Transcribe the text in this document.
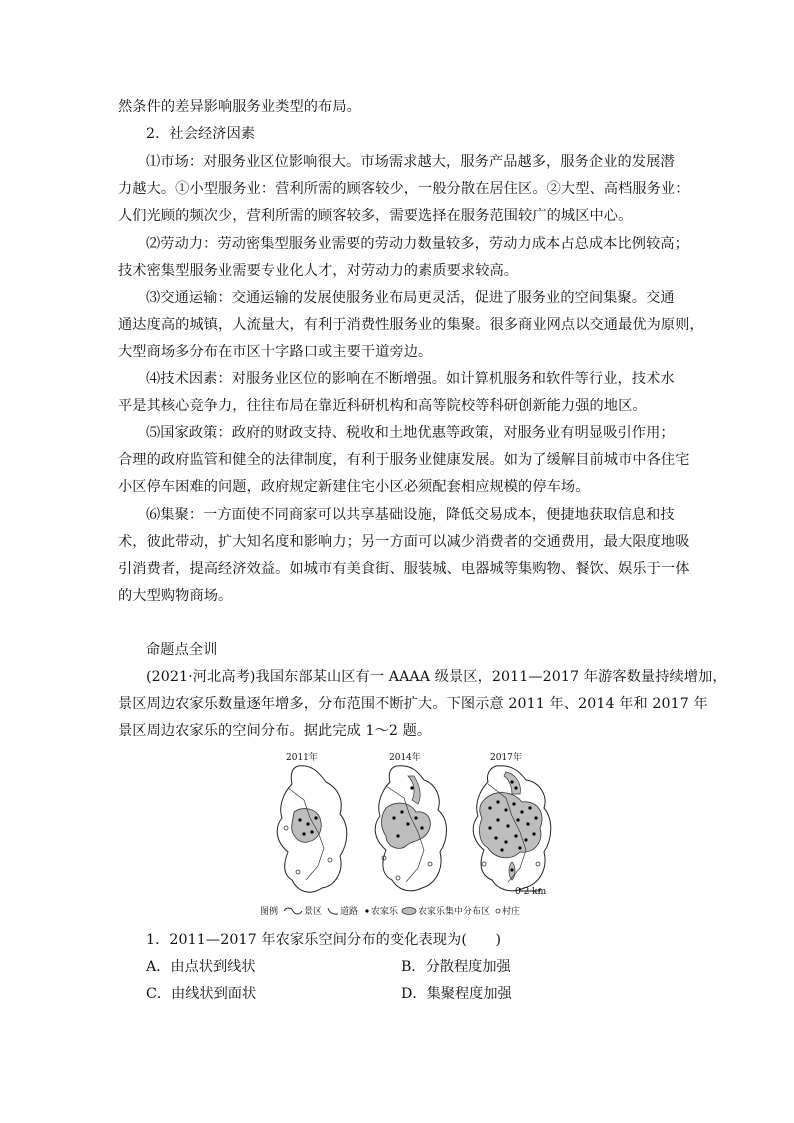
然条件的差异影响服务业类型的布局。
2．社会经济因素
⑴市场：对服务业区位影响很大。市场需求越大，服务产品越多，服务企业的发展潜
力越大。①小型服务业：营利所需的顾客较少，一般分散在居住区。②大型、高档服务业：
人们光顾的频次少，营利所需的顾客较多，需要选择在服务范围较广的城区中心。
⑵劳动力：劳动密集型服务业需要的劳动力数量较多，劳动力成本占总成本比例较高；
技术密集型服务业需要专业化人才，对劳动力的素质要求较高。
⑶交通运输：交通运输的发展使服务业布局更灵活，促进了服务业的空间集聚。交通
通达度高的城镇，人流量大，有利于消费性服务业的集聚。很多商业网点以交通最优为原则，
大型商场多分布在市区十字路口或主要干道旁边。
⑷技术因素：对服务业区位的影响在不断增强。如计算机服务和软件等行业，技术水
平是其核心竞争力，往往布局在靠近科研机构和高等院校等科研创新能力强的地区。
⑸国家政策：政府的财政支持、税收和土地优惠等政策，对服务业有明显吸引作用；
合理的政府监管和健全的法律制度，有利于服务业健康发展。如为了缓解目前城市中各住宅
小区停车困难的问题，政府规定新建住宅小区必须配套相应规模的停车场。
⑹集聚：一方面使不同商家可以共享基础设施，降低交易成本，便捷地获取信息和技
术，彼此带动，扩大知名度和影响力；另一方面可以减少消费者的交通费用，最大限度地吸
引消费者，提高经济效益。如城市有美食街、服装城、电器城等集购物、餐饮、娱乐于一体
的大型购物商场。
命题点全训
(2021·河北高考)我国东部某山区有一 AAAA 级景区，2011—2017 年游客数量持续增加，
景区周边农家乐数量逐年增多，分布范围不断扩大。下图示意 2011 年、2014 年和 2017 年
景区周边农家乐的空间分布。据此完成 1～2 题。
2011年	2014年	2017年
0 2 km
图例	景区 道路 农家乐 农家乐集中分布区 村庄
1．2011—2017 年农家乐空间分布的变化表现为(　　)
A．由点状到线状	B．分散程度加强
C．由线状到面状	D．集聚程度加强
